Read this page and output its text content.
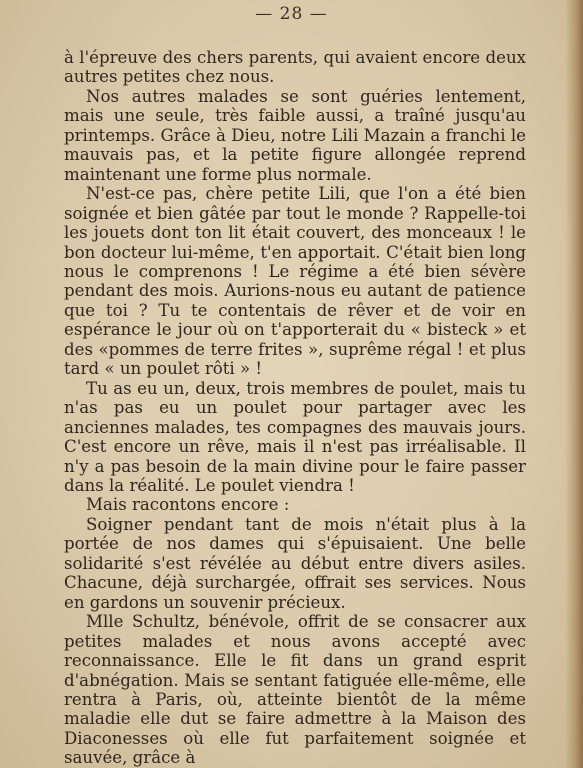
— 28 —

à l'épreuve des chers parents, qui avaient encore deux autres petites chez nous.

Nos autres malades se sont guéries lentement, mais une seule, très faible aussi, a traîné jusqu'au printemps. Grâce à Dieu, notre Lili Mazain a franchi le mauvais pas, et la petite figure allongée reprend maintenant une forme plus normale.

N'est-ce pas, chère petite Lili, que l'on a été bien soignée et bien gâtée par tout le monde ? Rappelle-toi les jouets dont ton lit était couvert, des monceaux ! le bon docteur lui-même, t'en apportait. C'était bien long nous le comprenons ! Le régime a été bien sévère pendant des mois. Aurions-nous eu autant de patience que toi ? Tu te contentais de rêver et de voir en espérance le jour où on t'apporterait du « bisteck » et des «pommes de terre frites », suprême régal ! et plus tard « un poulet rôti » !

Tu as eu un, deux, trois membres de poulet, mais tu n'as pas eu un poulet pour partager avec les anciennes malades, tes compagnes des mauvais jours. C'est encore un rêve, mais il n'est pas irréalisable. Il n'y a pas besoin de la main divine pour le faire passer dans la réalité. Le poulet viendra !

Mais racontons encore :

Soigner pendant tant de mois n'était plus à la portée de nos dames qui s'épuisaient. Une belle solidarité s'est révélée au début entre divers asiles. Chacune, déjà surchargée, offrait ses services. Nous en gardons un souvenir précieux.

Mlle Schultz, bénévole, offrit de se consacrer aux petites malades et nous avons accepté avec reconnaissance. Elle le fit dans un grand esprit d'abnégation. Mais se sentant fatiguée elle-même, elle rentra à Paris, où, atteinte bientôt de la même maladie elle dut se faire admettre à la Maison des Diaconesses où elle fut parfaitement soignée et sauvée, grâce à
